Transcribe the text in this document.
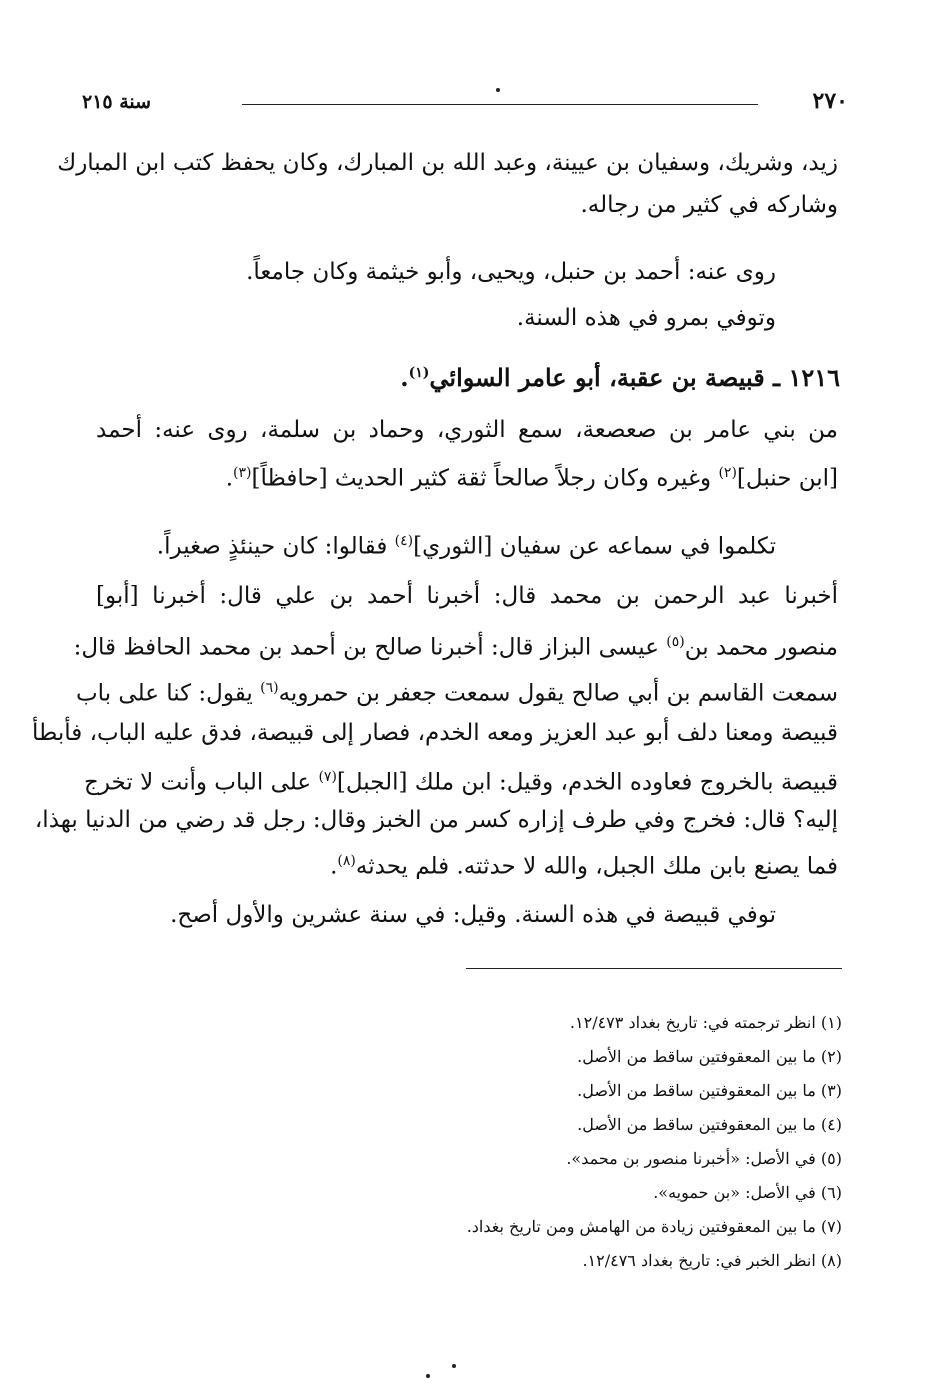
٢٧٠
سنة ٢١٥
زيد، وشريك، وسفيان بن عيينة، وعبد الله بن المبارك، وكان يحفظ كتب ابن المبارك
وشاركه في كثير من رجاله.
روى عنه: أحمد بن حنبل، ويحيى، وأبو خيثمة وكان جامعاً.
وتوفي بمرو في هذه السنة.
١٢١٦ ـ قبيصة بن عقبة، أبو عامر السوائي$^{(١)}$.
من بني عامر بن صعصعة، سمع الثوري، وحماد بن سلمة، روى عنه: أحمد
[ابن حنبل]$^{(٢)}$ وغيره وكان رجلاً صالحاً ثقة كثير الحديث [حافظاً]$^{(٣)}$.
تكلموا في سماعه عن سفيان [الثوري]$^{(٤)}$ فقالوا: كان حينئذٍ صغيراً.
أخبرنا عبد الرحمن بن محمد قال: أخبرنا أحمد بن علي قال: أخبرنا [أبو]
منصور محمد بن$^{(٥)}$ عيسى البزاز قال: أخبرنا صالح بن أحمد بن محمد الحافظ قال:
سمعت القاسم بن أبي صالح يقول سمعت جعفر بن حمرويه$^{(٦)}$ يقول: كنا على باب
قبيصة ومعنا دلف أبو عبد العزيز ومعه الخدم، فصار إلى قبيصة، فدق عليه الباب، فأبطأ
قبيصة بالخروج فعاوده الخدم، وقيل: ابن ملك [الجبل]$^{(٧)}$ على الباب وأنت لا تخرج
إليه؟ قال: فخرج وفي طرف إزاره كسر من الخبز وقال: رجل قد رضي من الدنيا بهذا،
فما يصنع بابن ملك الجبل، والله لا حدثته. فلم يحدثه$^{(٨)}$.
توفي قبيصة في هذه السنة. وقيل: في سنة عشرين والأول أصح.
(١) انظر ترجمته في: تاريخ بغداد ١٢/٤٧٣.
(٢) ما بين المعقوفتين ساقط من الأصل.
(٣) ما بين المعقوفتين ساقط من الأصل.
(٤) ما بين المعقوفتين ساقط من الأصل.
(٥) في الأصل: «أخبرنا منصور بن محمد».
(٦) في الأصل: «بن حمويه».
(٧) ما بين المعقوفتين زيادة من الهامش ومن تاريخ بغداد.
(٨) انظر الخبر في: تاريخ بغداد ١٢/٤٧٦.
